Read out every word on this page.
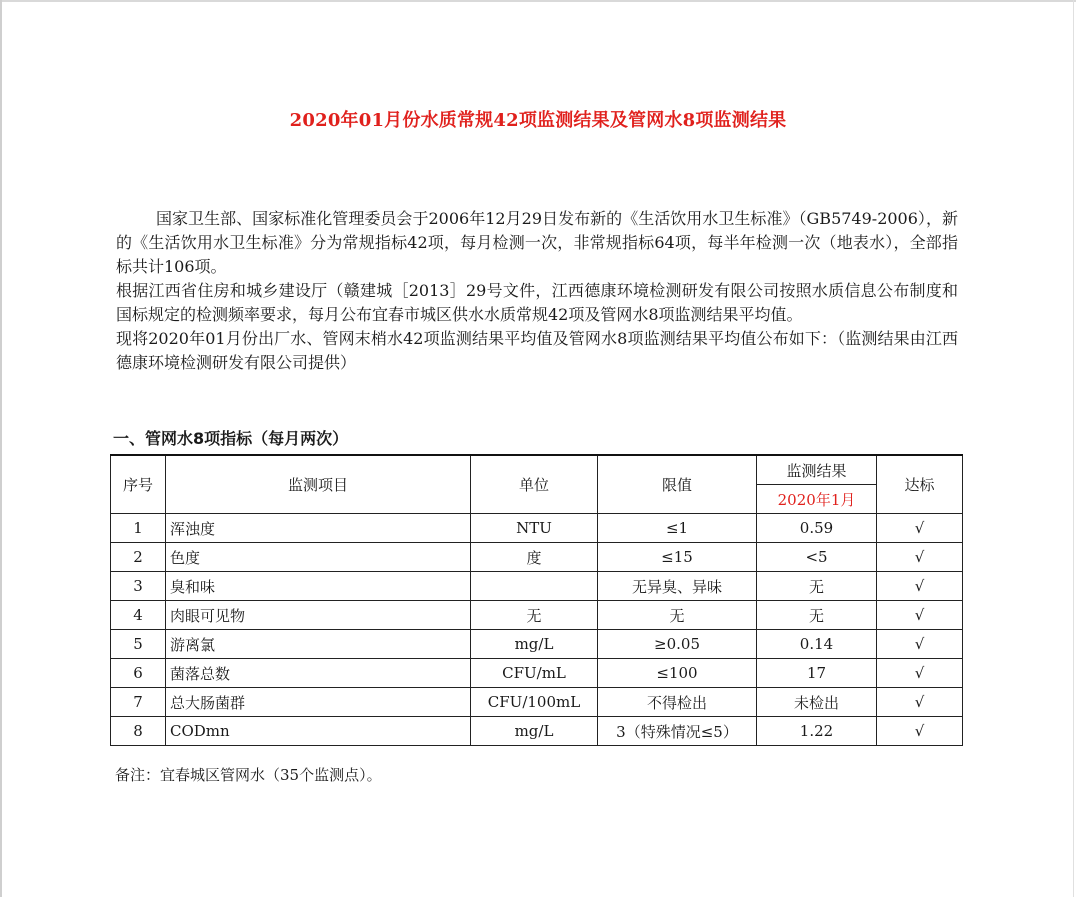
2020年01月份水质常规42项监测结果及管网水8项监测结果

国家卫生部、国家标准化管理委员会于2006年12月29日发布新的《生活饮用水卫生标准》（GB5749-2006），新的《生活饮用水卫生标准》分为常规指标42项，每月检测一次，非常规指标64项，每半年检测一次（地表水），全部指标共计106项。

根据江西省住房和城乡建设厅（赣建城［2013］29号文件，江西德康环境检测研发有限公司按照水质信息公布制度和国标规定的检测频率要求，每月公布宜春市城区供水水质常规42项及管网水8项监测结果平均值。

现将2020年01月份出厂水、管网末梢水42项监测结果平均值及管网水8项监测结果平均值公布如下：（监测结果由江西德康环境检测研发有限公司提供）

一、管网水8项指标（每月两次）
序号	监测项目	单位	限值	监测结果	达标
				2020年1月	
1	浑浊度	NTU	≤1	0.59	√
2	色度	度	≤15	<5	√
3	臭和味		无异臭、异味	无	√
4	肉眼可见物	无	无	无	√
5	游离氯	mg/L	≥0.05	0.14	√
6	菌落总数	CFU/mL	≤100	17	√
7	总大肠菌群	CFU/100mL	不得检出	未检出	√
8	CODmn	mg/L	3（特殊情况≤5）	1.22	√
备注：宜春城区管网水（35个监测点）。
